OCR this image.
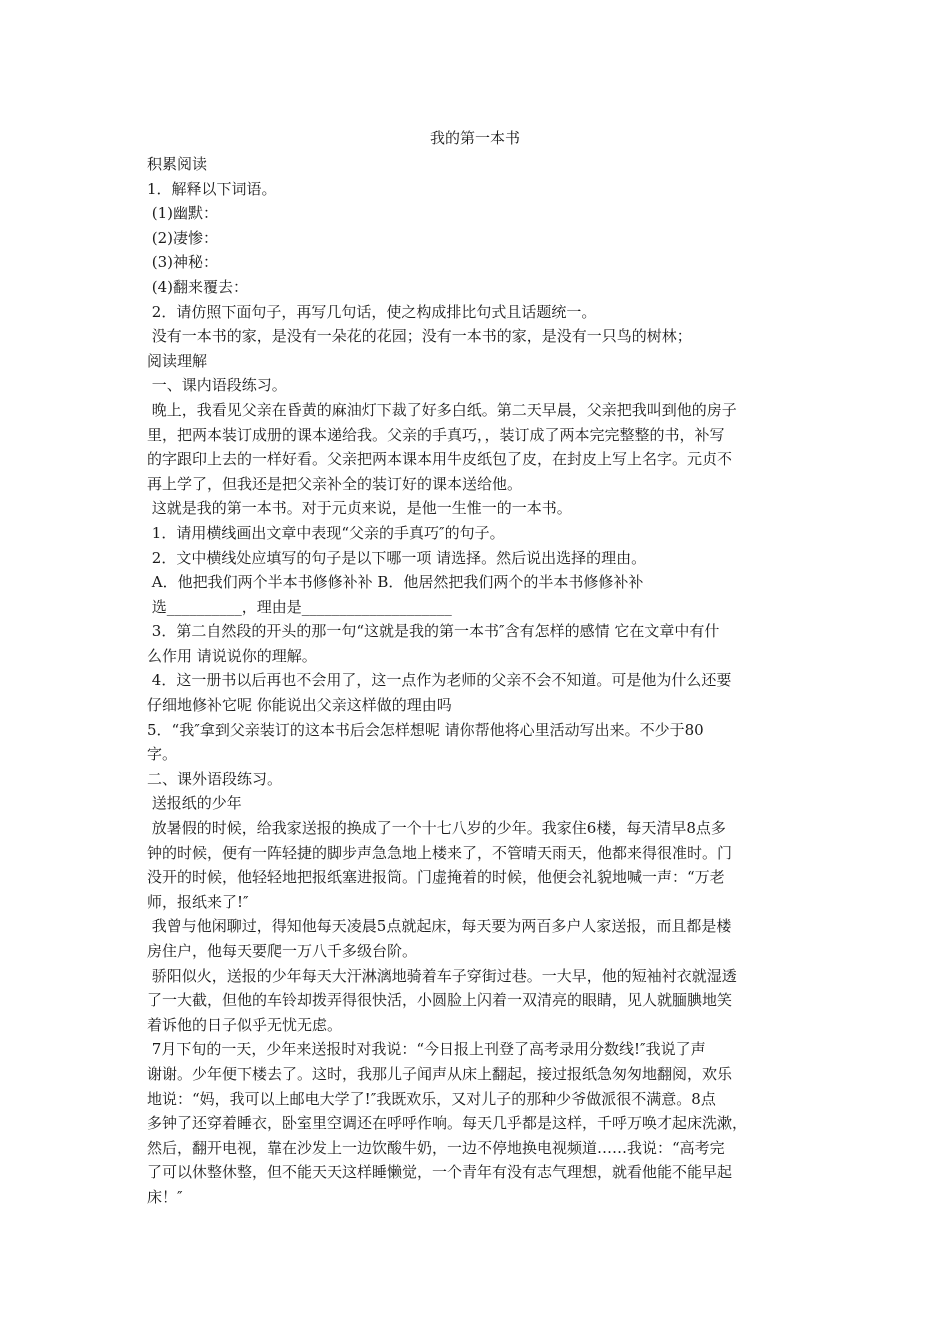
我的第一本书

积累阅读

1．解释以下词语。

(1)幽默：

(2)凄惨：

(3)神秘：

(4)翻来覆去：

2．请仿照下面句子，再写几句话，使之构成排比句式且话题统一。

没有一本书的家，是没有一朵花的花园；没有一本书的家，是没有一只鸟的树林；

阅读理解

一、课内语段练习。

晚上，我看见父亲在昏黄的麻油灯下裁了好多白纸。第二天早晨，父亲把我叫到他的房子

里，把两本装订成册的课本递给我。父亲的手真巧，，装订成了两本完完整整的书，补写

的字跟印上去的一样好看。父亲把两本课本用牛皮纸包了皮，在封皮上写上名字。元贞不

再上学了，但我还是把父亲补全的装订好的课本送给他。

这就是我的第一本书。对于元贞来说，是他一生惟一的一本书。

1．请用横线画出文章中表现“父亲的手真巧″的句子。

2．文中横线处应填写的句子是以下哪一项 请选择。然后说出选择的理由。

A．他把我们两个半本书修修补补 B．他居然把我们两个的半本书修修补补

选__________，理由是____________________

3．第二自然段的开头的那一句“这就是我的第一本书″含有怎样的感情 它在文章中有什

么作用 请说说你的理解。

4．这一册书以后再也不会用了，这一点作为老师的父亲不会不知道。可是他为什么还要

仔细地修补它呢 你能说出父亲这样做的理由吗

5．“我″拿到父亲装订的这本书后会怎样想呢 请你帮他将心里活动写出来。不少于80

字。

二、课外语段练习。

送报纸的少年

放暑假的时候，给我家送报的换成了一个十七八岁的少年。我家住6楼，每天清早8点多

钟的时候，便有一阵轻捷的脚步声急急地上楼来了，不管晴天雨天，他都来得很准时。门

没开的时候，他轻轻地把报纸塞进报筒。门虚掩着的时候，他便会礼貌地喊一声：“万老

师，报纸来了!″

我曾与他闲聊过，得知他每天凌晨5点就起床，每天要为两百多户人家送报，而且都是楼

房住户，他每天要爬一万八千多级台阶。

骄阳似火，送报的少年每天大汗淋漓地骑着车子穿街过巷。一大早，他的短袖衬衣就湿透

了一大截，但他的车铃却拨弄得很快活，小圆脸上闪着一双清亮的眼睛，见人就腼腆地笑

着诉他的日子似乎无忧无虑。

7月下旬的一天，少年来送报时对我说：“今日报上刊登了高考录用分数线!″我说了声

谢谢。少年便下楼去了。这时，我那儿子闻声从床上翻起，接过报纸急匆匆地翻阅，欢乐

地说：“妈，我可以上邮电大学了!″我既欢乐，又对儿子的那种少爷做派很不满意。8点

多钟了还穿着睡衣，卧室里空调还在呼呼作响。每天几乎都是这样，千呼万唤才起床洗漱，

然后，翻开电视，靠在沙发上一边饮酸牛奶，一边不停地换电视频道……我说：“高考完

了可以休整休整，但不能天天这样睡懒觉，一个青年有没有志气理想，就看他能不能早起

床！″
